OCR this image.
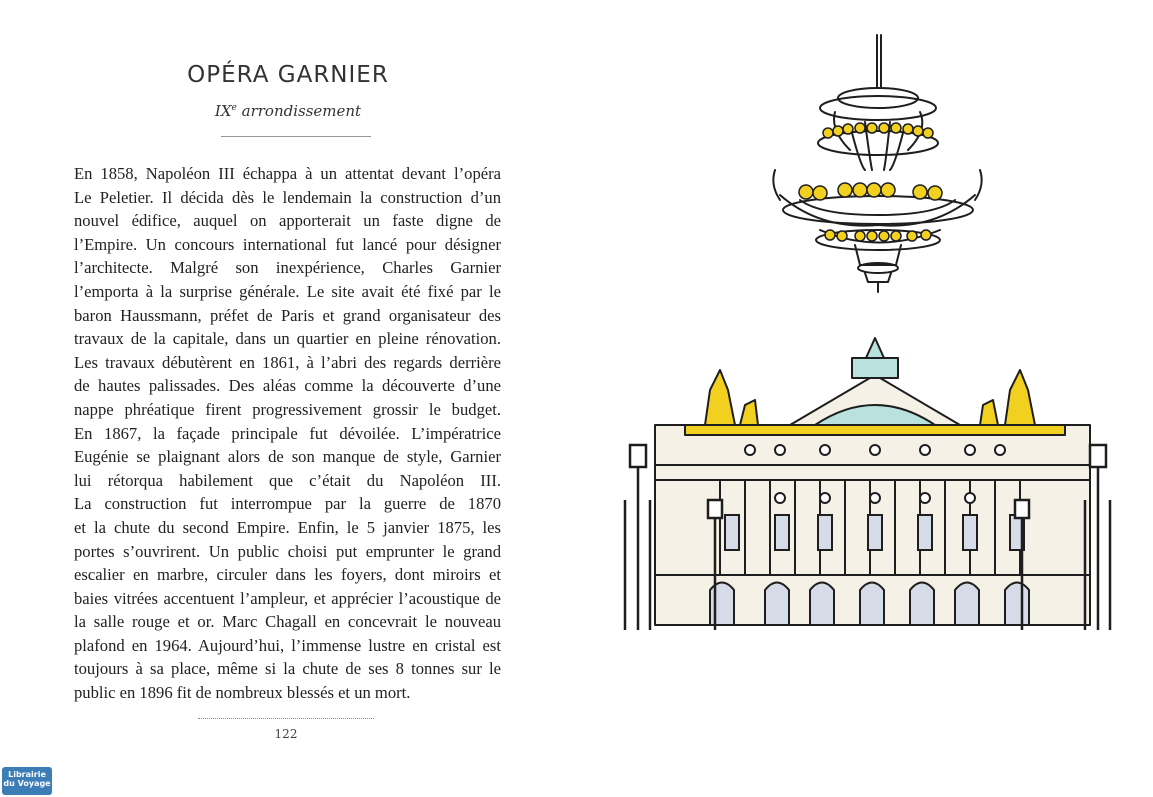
OPÉRA GARNIER
IXe arrondissement
En 1858, Napoléon III échappa à un attentat devant l’opéra
Le Peletier. Il décida dès le lendemain la construction d’un
nouvel édifice, auquel on apporterait un faste digne de
l’Empire. Un concours international fut lancé pour désigner
l’architecte. Malgré son inexpérience, Charles Garnier
l’emporta à la surprise générale. Le site avait été fixé par le
baron Haussmann, préfet de Paris et grand organisateur des
travaux de la capitale, dans un quartier en pleine rénovation.
Les travaux débutèrent en 1861, à l’abri des regards derrière
de hautes palissades. Des aléas comme la découverte d’une
nappe phréatique firent progressivement grossir le budget.
En 1867, la façade principale fut dévoilée. L’impératrice
Eugénie se plaignant alors de son manque de style, Garnier
lui rétorqua habilement que c’était du Napoléon III.
La construction fut interrompue par la guerre de 1870
et la chute du second Empire. Enfin, le 5 janvier 1875, les
portes s’ouvrirent. Un public choisi put emprunter le grand
escalier en marbre, circuler dans les foyers, dont miroirs et
baies vitrées accentuent l’ampleur, et apprécier l’acoustique de
la salle rouge et or. Marc Chagall en concevrait le nouveau
plafond en 1964. Aujourd’hui, l’immense lustre en cristal est
toujours à sa place, même si la chute de ses 8 tonnes sur le
public en 1896 fit de nombreux blessés et un mort.
122
Librairie
du Voyage
